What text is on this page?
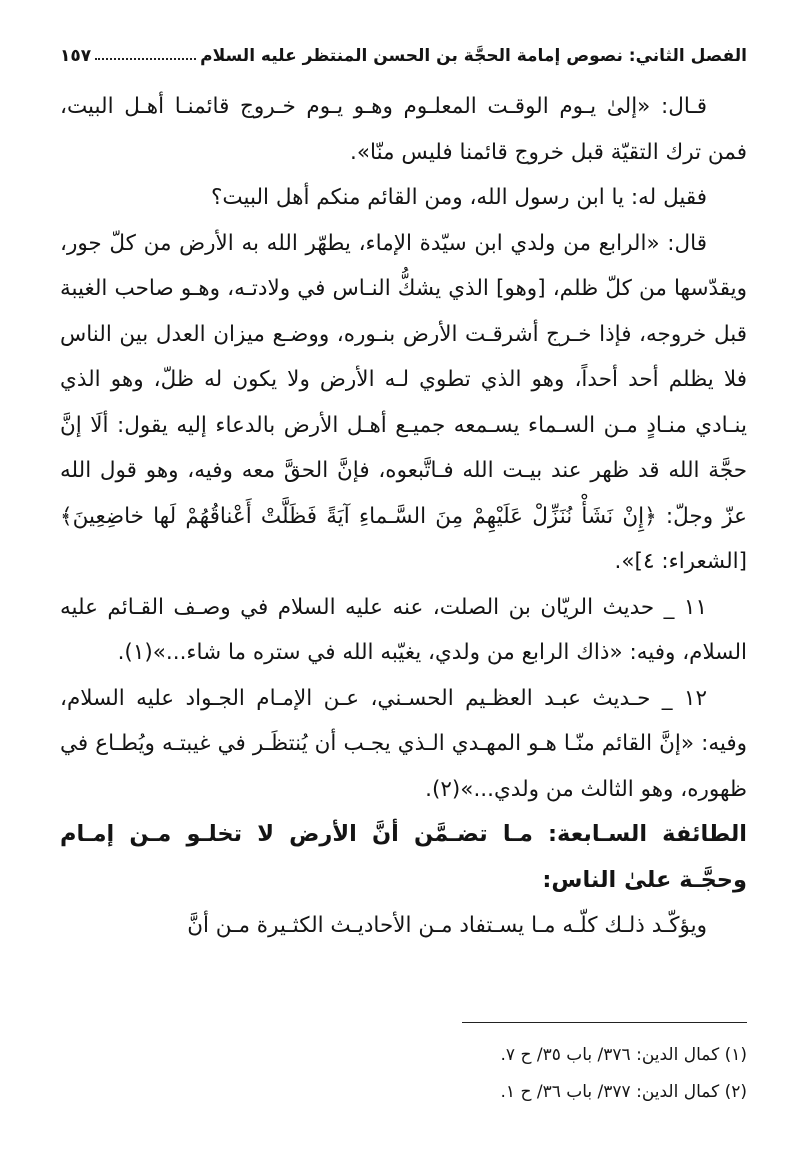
الفصل الثاني: نصوص إمامة الحجَّة بن الحسن المنتظر عليه السلام
١٥٧

قـال: «إلىٰ يـوم الوقـت المعلـوم وهـو يـوم خـروج قائمنـا أهـل البيت، فمن ترك التقيّة قبل خروج قائمنا فليس منّا».

فقيل له: يا ابن رسول الله، ومن القائم منكم أهل البيت؟

قال: «الرابع من ولدي ابن سيّدة الإماء، يطهّر الله به الأرض من كلّ جور، ويقدّسها من كلّ ظلم، [وهو] الذي يشكُّ النـاس في ولادتـه، وهـو صاحب الغيبة قبل خروجه، فإذا خـرج أشرقـت الأرض بنـوره، ووضـع ميزان العدل بين الناس فلا يظلم أحد أحداً، وهو الذي تطوي لـه الأرض ولا يكون له ظلّ، وهو الذي ينـادي منـادٍ مـن السـماء يسـمعه جميـع أهـل الأرض بالدعاء إليه يقول: ألَا إنَّ حجَّة الله قد ظهر عند بيـت الله فـاتَّبعوه، فإنَّ الحقَّ معه وفيه، وهو قول الله عزّ وجلّ: ﴿إِنْ نَشَأْ نُنَزِّلْ عَلَيْهِمْ مِنَ السَّـماءِ آيَةً فَظَلَّتْ أَعْناقُهُمْ لَها خاضِعِينَ﴾ [الشعراء: ٤]».

١١ _ حديث الريّان بن الصلت، عنه عليه السلام في وصـف القـائم عليه السلام، وفيه: «ذاك الرابع من ولدي، يغيّبه الله في ستره ما شاء...»(١).

١٢ _ حـديث عبـد العظـيم الحسـني، عـن الإمـام الجـواد عليه السلام، وفيه: «إنَّ القائم منّـا هـو المهـدي الـذي يجـب أن يُنتظَـر في غيبتـه ويُطـاع في ظهوره، وهو الثالث من ولدي...»(٢).

الطائفة السـابعة: مـا تضـمَّن أنَّ الأرض لا تخلـو مـن إمـام وحجَّـة علىٰ الناس:

ويؤكّـد ذلـك كلّـه مـا يسـتفاد مـن الأحاديـث الكثـيرة مـن أنَّ

(١) كمال الدين: ٣٧٦/ باب ٣٥/ ح ٧.

(٢) كمال الدين: ٣٧٧/ باب ٣٦/ ح ١.
